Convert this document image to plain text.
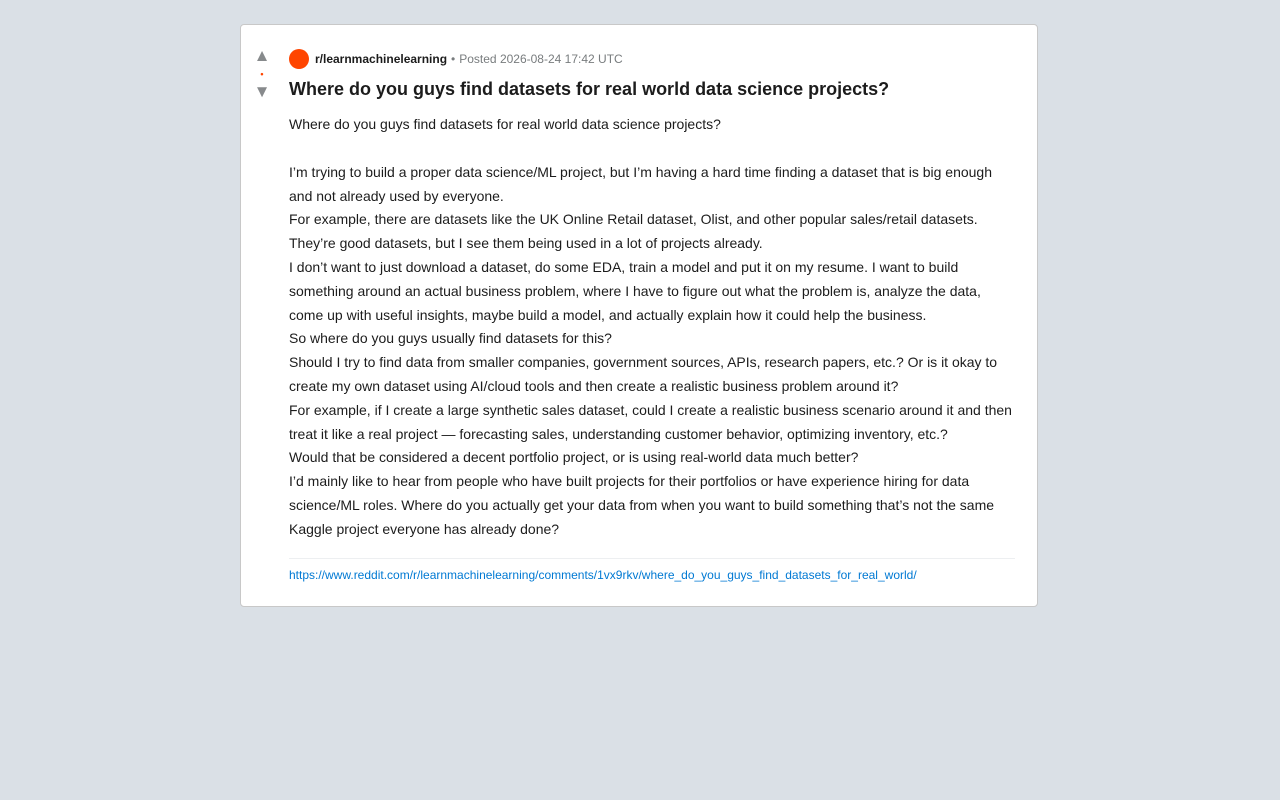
▲
•
▼
r/learnmachinelearning • Posted 2026-08-24 17:42 UTC
Where do you guys find datasets for real world data science projects?

Where do you guys find datasets for real world data science projects?

I’m trying to build a proper data science/ML project, but I’m having a hard time finding a dataset that is big enough and not already used by everyone.

For example, there are datasets like the UK Online Retail dataset, Olist, and other popular sales/retail datasets. They’re good datasets, but I see them being used in a lot of projects already.

I don’t want to just download a dataset, do some EDA, train a model and put it on my resume. I want to build something around an actual business problem, where I have to figure out what the problem is, analyze the data, come up with useful insights, maybe build a model, and actually explain how it could help the business.

So where do you guys usually find datasets for this?

Should I try to find data from smaller companies, government sources, APIs, research papers, etc.? Or is it okay to create my own dataset using AI/cloud tools and then create a realistic business problem around it?

For example, if I create a large synthetic sales dataset, could I create a realistic business scenario around it and then treat it like a real project — forecasting sales, understanding customer behavior, optimizing inventory, etc.?

Would that be considered a decent portfolio project, or is using real-world data much better?

I’d mainly like to hear from people who have built projects for their portfolios or have experience hiring for data science/ML roles. Where do you actually get your data from when you want to build something that’s not the same Kaggle project everyone has already done?

https://www.reddit.com/r/learnmachinelearning/comments/1vx9rkv/where_do_you_guys_find_datasets_for_real_world/
